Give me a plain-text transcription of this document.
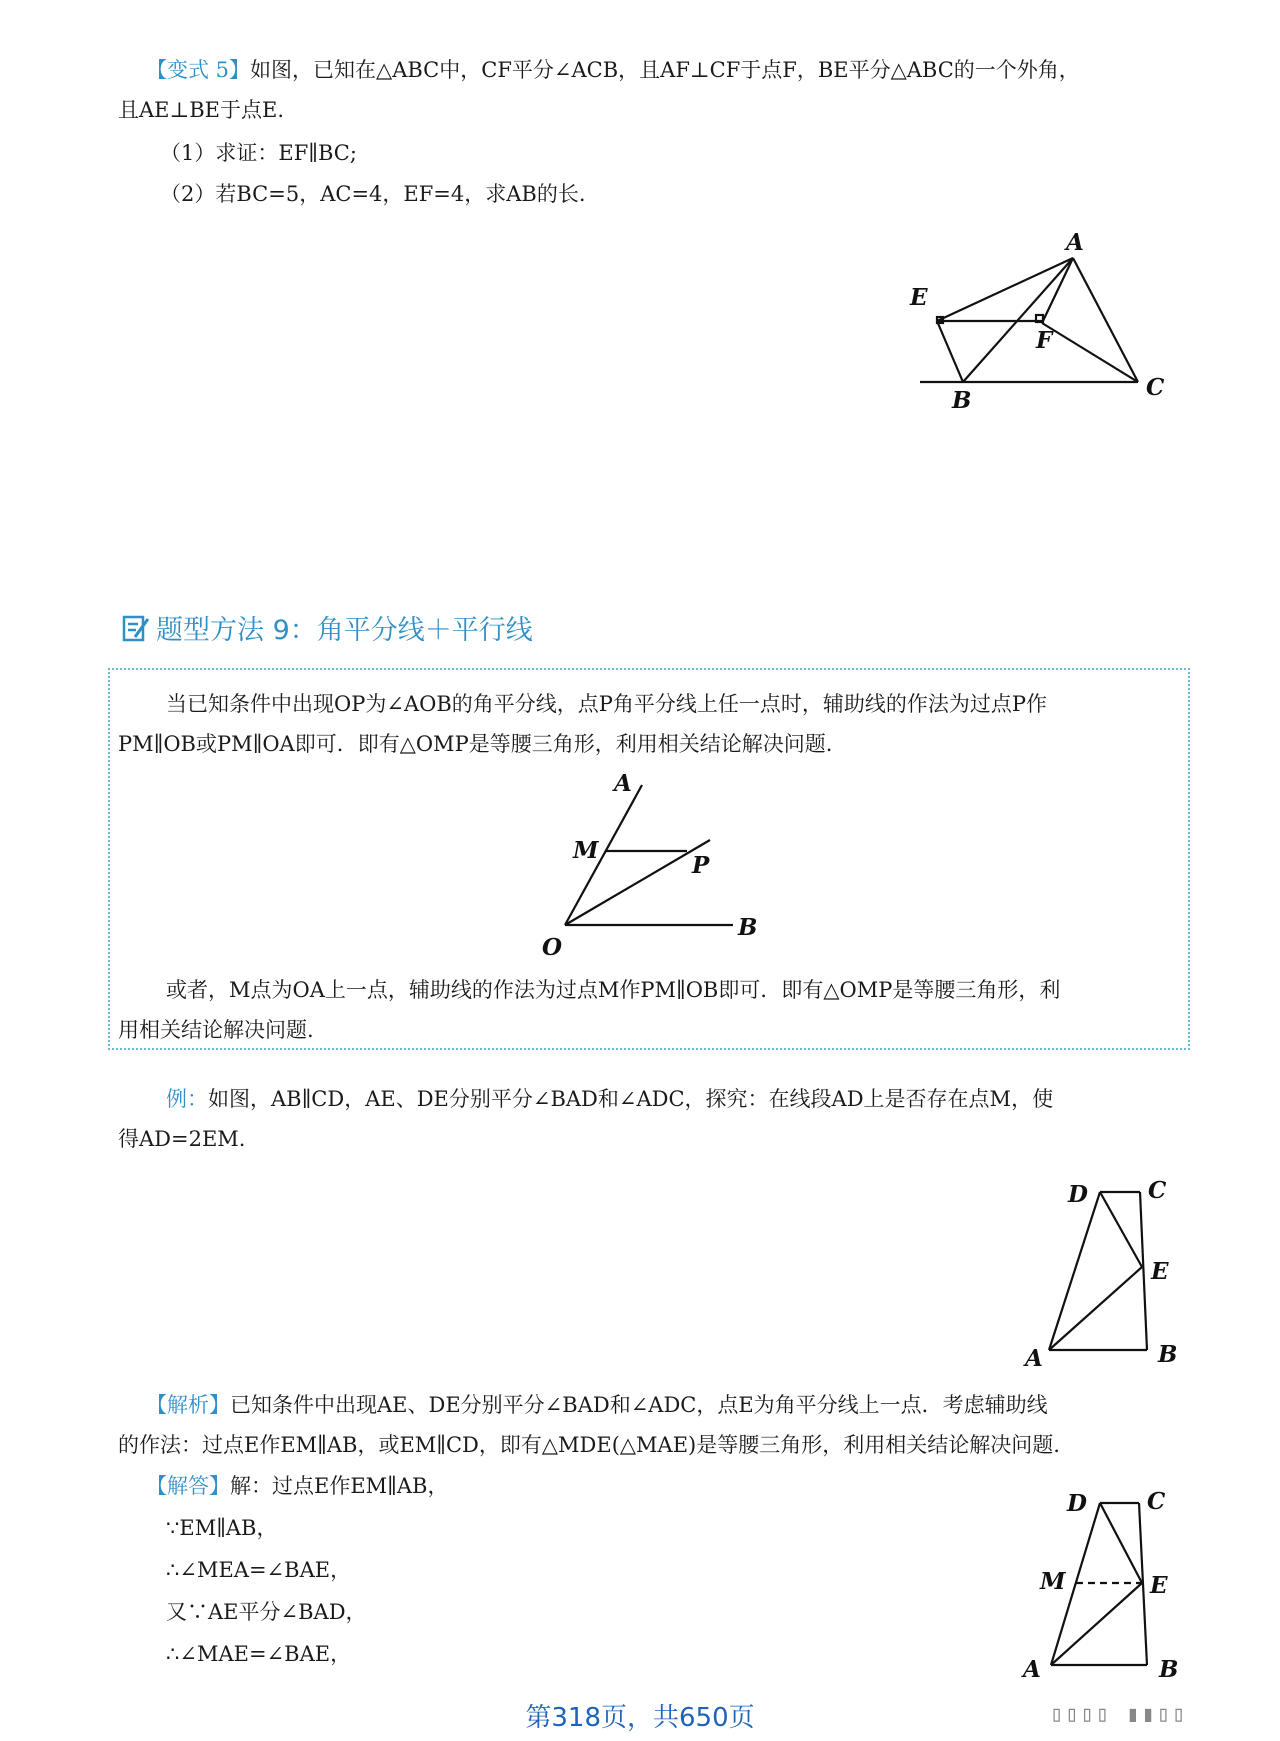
【变式 5】如图，已知在△ABC中，CF平分∠ACB，且AF⊥CF于点F，BE平分△ABC的一个外角，
且AE⊥BE于点E.
（1）求证：EF∥BC;
（2）若BC=5，AC=4，EF=4，求AB的长.
A
E
F
B	C
题型方法 9：角平分线＋平行线
当已知条件中出现OP为∠AOB的角平分线，点P角平分线上任一点时，辅助线的作法为过点P作
PM∥OB或PM∥OA即可．即有△OMP是等腰三角形，利用相关结论解决问题.
A
M
P
O
B
或者，M点为OA上一点，辅助线的作法为过点M作PM∥OB即可．即有△OMP是等腰三角形，利
用相关结论解决问题.
例：如图，AB∥CD，AE、DE分别平分∠BAD和∠ADC，探究：在线段AD上是否存在点M，使
得AD=2EM.
D	C
E
A	B
【解析】已知条件中出现AE、DE分别平分∠BAD和∠ADC，点E为角平分线上一点．考虑辅助线
的作法：过点E作EM∥AB，或EM∥CD，即有△MDE(△MAE)是等腰三角形，利用相关结论解决问题.
【解答】解：过点E作EM∥AB，
∵EM∥AB，
∴∠MEA=∠BAE，
又∵AE平分∠BAD，
∴∠MAE=∠BAE，
D	C
M	E
A	B
第318页，共650页	▯▯▯▯ ▮▮▯▯
